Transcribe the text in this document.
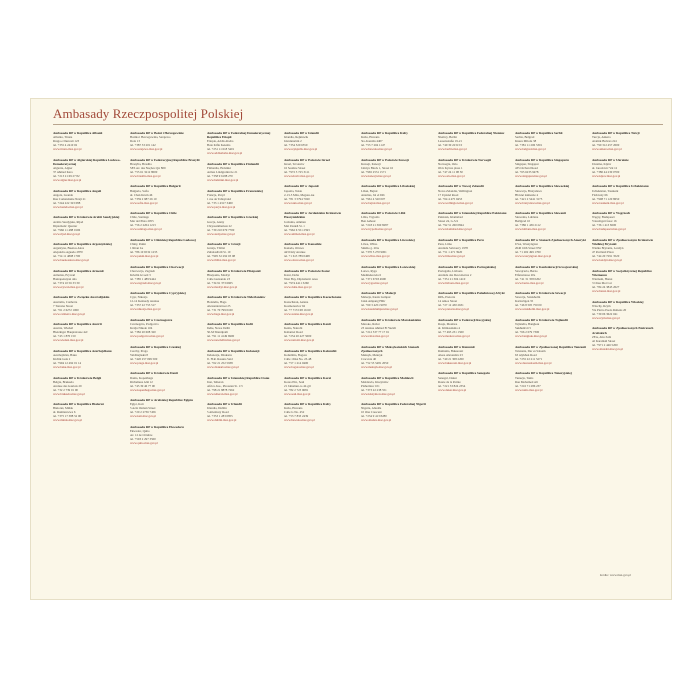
Ambasady Rzeczpospolitej Polskiej
Ambasada RP w Republice Albanii
Albania, Tirana
Rruga e Durresit 123
tel. +355 4 2410 02
www.tirana.msz.gov.pl
Ambasada RP w Algierskiej Republice Ludowo-Demokratycznej
Algieria, Algier
37 Ahmed Kara
tel. +213 21 69 27 82
www.algier.msz.gov.pl
Ambasada RP w Republice Angoli
Angola, Luanda
Rua Comandante Nzaji 21
tel. +244 222 323 088
www.luanda.msz.gov.pl
Ambasada RP w Królestwie Arabii Saudyjskiej
Arabia Saudyjska, Rijad
Diplomatic Quarter
tel. +966 11 488 0106
www.rijad.msz.gov.pl
Ambasada RP w Republice Argentyńskiej
Argentyna, Buenos Aires
Alejandro Aguado 2870
tel. +54 11 4808 1700
www.buenosaires.msz.gov.pl
Ambasada RP w Republice Armenii
Armenia, Erywań
Hanrapetutyan 44a
tel. +374 10 56 33 30
www.erywan.msz.gov.pl
Ambasada RP w Związku Australijskim
Australia, Canberra
7 Turrana Street
tel. +61 2 6272 1000
www.canberra.msz.gov.pl
Ambasada RP w Republice Austrii
Austria, Wiedeń
Hietzinger Hauptstrasse 42c
tel. +43 1 870 150
www.wieden.msz.gov.pl
Ambasada RP w Republice Azerbejdżanu
Azerbejdżan, Baku
Kichik Gala 2
tel. +994 12 492 01 14
www.baku.msz.gov.pl
Ambasada RP w Królestwie Belgii
Belgia, Bruksela
Avenue des Gaulois 29
tel. +32 2 739 01 00
www.bruksela.msz.gov.pl
Ambasada RP w Republice Białoruś
Białoruś, Mińsk
ul. Rumiancewa 6
tel. +375 17 388 52 00
www.minsk.msz.gov.pl
Ambasada RP w Bośni i Hercegowinie
Bośnia i Hercegowina, Sarajewo
Dola 13
tel. +387 33 201 142
www.sarajewo.msz.gov.pl
Ambasada RP w Federacyjnej Republice Brazylii
Brazylia, Brasília
SES Av. das Nações Qd. 809
tel. +55 61 3212 8000
www.brasilia.msz.gov.pl
Ambasada RP w Republice Bułgarii
Bułgaria, Sofia
ul. Chan Krum 46
tel. +359 2 987 26 10
www.sofia.msz.gov.pl
Ambasada RP w Republice Chile
Chile, Santiago
Mar del Plata 2055
tel. +56 2 2204 1213
www.santiago.msz.gov.pl
Ambasada RP w Chińskiej Republice Ludowej
Chiny, Pekin
1 Ritan Lu
tel. +86 10 6532 1235
www.pekin.msz.gov.pl
Ambasada RP w Republice Chorwacji
Chorwacja, Zagrzeb
Krležin Gvozd 3
tel. +385 1 489 9444
www.zagrzeb.msz.gov.pl
Ambasada RP w Republice Cypryjskiej
Cypr, Nikozja
12-14 Kennedy Avenue
tel. +357 22 753 517
www.nikozja.msz.gov.pl
Ambasada RP w Czarnogórze
Czarnogóra, Podgorica
Kralja Nikole 104
tel. +382 20 608 320
www.podgorica.msz.gov.pl
Ambasada RP w Republice Czeskiej
Czechy, Praga
Valdštejnská 8
tel. +420 257 099 500
www.praga.msz.gov.pl
Ambasada RP w Królestwie Danii
Dania, Kopenhaga
Richelieus Allé 12
tel. +45 39 46 77 00
www.kopenhaga.msz.gov.pl
Ambasada RP w Arabskiej Republice Egiptu
Egipt, Kair
5 Aziz Osman Street
tel. +20 2 2736 7456
www.kair.msz.gov.pl
Ambasada RP w Republice Ekwadoru
Ekwador, Quito
Av. 12 de Octubre
tel. +593 2 297 3500
www.quito.msz.gov.pl
Ambasada RP w Federalnej Demokratycznej Republice Etiopii
Etiopia, Addis Abeba
Bole Kifle Ketema
tel. +251 11 618 5401
www.addisabeba.msz.gov.pl
Ambasada RP w Republice Finlandii
Finlandia, Helsinki
Armas Lindgrenin tie 21
tel. +358 9 6188 270
www.helsinki.msz.gov.pl
Ambasada RP w Republice Francuskiej
Francja, Paryż
1 rue de Talleyrand
tel. +33 1 4317 3400
www.paryz.msz.gov.pl
Ambasada RP w Republice Greckiej
Grecja, Ateny
Chryssanthemon 22
tel. +30 210 679 7700
www.ateny.msz.gov.pl
Ambasada RP w Gruzji
Gruzja, Tbilisi
Zubalashvili St. 19
tel. +995 32 292 03 98
www.tbilisi.msz.gov.pl
Ambasada RP w Królestwie Hiszpanii
Hiszpania, Madryt
Calle Guisando 23
tel. +34 91 373 6605
www.madryt.msz.gov.pl
Ambasada RP w Królestwie Niderlandów
Holandia, Haga
Alexanderstraat 25
tel. +31 70 799 0100
www.haga.msz.gov.pl
Ambasada RP w Republice Indii
Indie, Nowe Delhi
50-M Shantipath
tel. +91 11 4149 6900
www.newdelhi.msz.gov.pl
Ambasada RP w Republice Indonezji
Indonezja, Dżakarta
Jl. H.R. Rasuna Said
tel. +62 21 252 5938
www.dzakarta.msz.gov.pl
Ambasada RP w Islamskiej Republice Iranu
Iran, Teheran
Africa Ave., Pirouzan St. 1/3
tel. +98 21 8878 7262
www.teheran.msz.gov.pl
Ambasada RP w Irlandii
Irlandia, Dublin
5 Ailesbury Road
tel. +353 1 283 0855
www.dublin.msz.gov.pl
Ambasada RP w Islandii
Islandia, Rejkiawik
Þórunnartún 2
tel. +354 520 6550
www.reykjavik.msz.gov.pl
Ambasada RP w Państwie Izrael
Izrael, Tel Awiw
16 Soutine Street
tel. +972 3 725 3111
www.telaviv.msz.gov.pl
Ambasada RP w Japonii
Japonia, Tokio
2-13-5 Mita, Meguro-ku
tel. +81 3 5794 7020
www.tokio.msz.gov.pl
Ambasada RP w Jordańskim Królestwie Haszymidzkim
Jordania, Amman
Mai Ziadeh St. 1
tel. +962 6 551 2593
www.amman.msz.gov.pl
Ambasada RP w Kanadzie
Kanada, Ottawa
443 Daly Avenue
tel. +1 613 789 0468
www.ottawa.msz.gov.pl
Ambasada RP w Państwie Katar
Katar, Doha
West Bay, Diplomatic Area
tel. +974 4411 3260
www.doha.msz.gov.pl
Ambasada RP w Republice Kazachstanu
Kazachstan, Astana
Kosmonavtov 62
tel. +7 7172 68 16 60
www.astana.msz.gov.pl
Ambasada RP w Republice Kenii
Kenia, Nairobi
Kabarnet Road
tel. +254 20 427 5000
www.nairobi.msz.gov.pl
Ambasada RP w Republice Kolumbii
Kolumbia, Bogota
Calle 104A No. 23-48
tel. +57 1 214 0400
www.bogota.msz.gov.pl
Ambasada RP w Republice Korei
Korea Płd., Seul
21 Jahamun-ro 42-gil
tel. +82 2 723 9681
www.seul.msz.gov.pl
Ambasada RP w Republice Kuby
Kuba, Hawana
Calle G No. 452
tel. +53 7 833 2439
www.hawana.msz.gov.pl
Ambasada RP w Republice Kuby
Kuba, Hawana
5ta Avenida 4407
tel. +53 7 204 1147
www.hawana.msz.gov.pl
Ambasada RP w Państwie Kuwejt
Kuwejt, Kuwejt
Jabriya Block 1, Street 16
tel. +965 2531 1571
www.kuwejt.msz.gov.pl
Ambasada RP w Republice Libańskiej
Liban, Bejrut
Antelias, Jal el Dib
tel. +961 4 520 007
www.bejrut.msz.gov.pl
Ambasada RP w Państwie Libii
Libia, Trypolis
Ben Ashour
tel. +218 21 360 8287
www.trypolis.msz.gov.pl
Ambasada RP w Republice Litewskiej
Litwa, Wilno
Smėlio g. 20A
tel. +370 5 270 9001
www.wilno.msz.gov.pl
Ambasada RP w Republice Łotewskiej
Łotwa, Ryga
Mednieku iela 6
tel. +371 6703 4900
www.ryga.msz.gov.pl
Ambasada RP w Malezji
Malezja, Kuala Lumpur
Jalan Ampang Hilir
tel. +60 3 4251 9070
www.kualalumpur.msz.gov.pl
Ambasada RP w Królestwie Marokańskim
Maroko, Rabat
23 Avenue Ahmed El Yazidi
tel. +212 537 77 17 91
www.rabat.msz.gov.pl
Ambasada RP w Meksykańskich Stanach Zjednoczonych
Meksyk, Meksyk
Cracovia 40
tel. +52 55 5481 2050
www.meksyk.msz.gov.pl
Ambasada RP w Republice Mołdawii
Mołdawia, Kiszyniów
Plahotniuc 101
tel. +373 22 238 551
www.kiszyniow.msz.gov.pl
Ambasada RP w Republice Federalnej Nigerii
Nigeria, Abudża
10 Ona Crescent
tel. +234 9 413 8280
www.abudza.msz.gov.pl
Ambasada RP w Republice Federalnej Niemiec
Niemcy, Berlin
Lassenstraße 19-21
tel. +49 30 22313 0
www.berlin.msz.gov.pl
Ambasada RP w Królestwie Norwegii
Norwegia, Oslo
Olav Kyrres plass 1
tel. +47 24 11 08 50
www.oslo.msz.gov.pl
Ambasada RP w Nowej Zelandii
Nowa Zelandia, Wellington
17 Upland Road
tel. +64 4 475 9453
www.wellington.msz.gov.pl
Ambasada RP w Islamskiej Republice Pakistanu
Pakistan, Islamabad
Street 24, G-5/4
tel. +92 51 260 0844
www.islamabad.msz.gov.pl
Ambasada RP w Republice Peru
Peru, Lima
Avenida Salaverry 1978
tel. +51 1 471 3920
www.lima.msz.gov.pl
Ambasada RP w Republice Portugalskiej
Portugalia, Lizbona
Avenida das Descobertas 2
tel. +351 21 304 1410
www.lizbona.msz.gov.pl
Ambasada RP w Republice Południowej Afryki
RPA, Pretoria
14 Amos Street
tel. +27 12 430 2631
www.pretoria.msz.gov.pl
Ambasada RP w Federacji Rosyjskiej
Rosja, Moskwa
ul. Klimaszkina 4
tel. +7 495 231 1500
www.moskwa.msz.gov.pl
Ambasada RP w Rumunii
Rumunia, Bukareszt
Aleea Alexandru 23
tel. +40 21 308 2200
www.bukareszt.msz.gov.pl
Ambasada RP w Republice Senegalu
Senegal, Dakar
Route de la Pointe
tel. +221 33 824 2354
www.dakar.msz.gov.pl
Ambasada RP w Republice Serbii
Serbia, Belgrad
Kneza Miloša 38
tel. +381 11 206 5301
www.belgrad.msz.gov.pl
Ambasada RP w Republice Singapuru
Singapur, Singapur
435 Orchard Road
tel. +65 6235 9478
www.singapur.msz.gov.pl
Ambasada RP w Republice Słowackiej
Słowacja, Bratysława
Hlavné námestie 4
tel. +421 2 5441 3175
www.bratyslawa.msz.gov.pl
Ambasada RP w Republice Słowenii
Słowenia, Lublana
Bežigrad 10
tel. +386 1 436 2112
www.lublana.msz.gov.pl
Ambasada RP w Stanach Zjednoczonych Ameryki
USA, Waszyngton
2640 16th Street NW
tel. +1 202 499 1700
www.waszyngton.msz.gov.pl
Ambasada RP w Konfederacji Szwajcarskiej
Szwajcaria, Berno
Elfenstrasse 20a
tel. +41 31 358 0202
www.berno.msz.gov.pl
Ambasada RP w Królestwie Szwecji
Szwecja, Sztokholm
Karlavägen 35
tel. +46 8 505 750 00
www.sztokholm.msz.gov.pl
Ambasada RP w Królestwie Tajlandii
Tajlandia, Bangkok
Sukhumvit 5
tel. +66 2 079 7300
www.bangkok.msz.gov.pl
Ambasada RP w Zjednoczonej Republice Tanzanii
Tanzania, Dar es Salaam
63 Alykhan Road
tel. +255 22 211 5271
www.daressalaam.msz.gov.pl
Ambasada RP w Republice Tunezyjskiej
Tunezja, Tunis
Rue Mohamed Ali
tel. +216 71 286 237
www.tunis.msz.gov.pl
Ambasada RP w Republice Turcji
Turcja, Ankara
Atatürk Bulvarı 241
tel. +90 312 457 2000
www.ankara.msz.gov.pl
Ambasada RP w Ukrainie
Ukraina, Kijów
ul. Jaroslaviv Val 12
tel. +380 44 230 0700
www.kijow.msz.gov.pl
Ambasada RP w Republice Uzbekistanu
Uzbekistan, Taszkent
Firdavsiy 66
tel. +998 71 120 8650
www.taszkent.msz.gov.pl
Ambasada RP w Węgrzech
Węgry, Budapeszt
Városligeti fasor 16
tel. +36 1 413 8200
www.budapeszt.msz.gov.pl
Ambasada RP w Zjednoczonym Królestwie Wielkiej Brytanii
Wielka Brytania, Londyn
47 Portland Place
tel. +44 20 7291 3520
www.londyn.msz.gov.pl
Ambasada RP w Socjalistycznej Republice Wietnamu
Wietnam, Hanoi
3 Chua Mot Cot
tel. +84 24 3845 2027
www.hanoi.msz.gov.pl
Ambasada RP w Republice Włoskiej
Włochy, Rzym
Via Pietro Paolo Rubens 20
tel. +39 06 3622 041
www.rzym.msz.gov.pl
Ambasada RP w Zjednoczonych Emiratach Arabskich
ZEA, Abu Zabi
Al Karamah Street
tel. +971 2 446 5200
www.abuzabi.msz.gov.pl
źródło: www.msz.gov.pl
